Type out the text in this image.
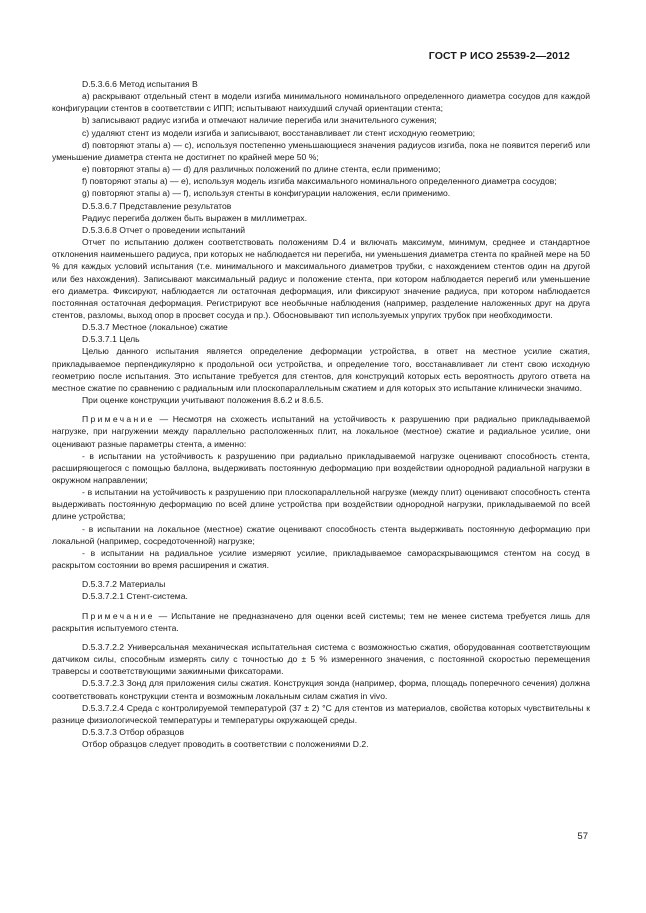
ГОСТ Р ИСО 25539-2—2012

D.5.3.6.6 Метод испытания В

а) раскрывают отдельный стент в модели изгиба минимального номинального определенного диаметра сосудов для каждой конфигурации стентов в соответствии с ИПП; испытывают наихудший случай ориентации стента;

b) записывают радиус изгиба и отмечают наличие перегиба или значительного сужения;

с) удаляют стент из модели изгиба и записывают, восстанавливает ли стент исходную геометрию;

d) повторяют этапы а) — с), используя постепенно уменьшающиеся значения радиусов изгиба, пока не появится перегиб или уменьшение диаметра стента не достигнет по крайней мере 50 %;

е) повторяют этапы а) — d) для различных положений по длине стента, если применимо;

f) повторяют этапы а) — е), используя модель изгиба максимального номинального определенного диаметра сосудов;

g) повторяют этапы а) — f), используя стенты в конфигурации наложения, если применимо.

D.5.3.6.7 Представление результатов

Радиус перегиба должен быть выражен в миллиметрах.

D.5.3.6.8 Отчет о проведении испытаний

Отчет по испытанию должен соответствовать положениям D.4 и включать максимум, минимум, среднее и стандартное отклонения наименьшего радиуса, при которых не наблюдается ни перегиба, ни уменьшения диаметра стента по крайней мере на 50 % для каждых условий испытания (т.е. минимального и максимального диаметров трубки, с нахождением стентов один на другой или без нахождения). Записывают максимальный радиус и положение стента, при котором наблюдается перегиб или уменьшение его диаметра. Фиксируют, наблюдается ли остаточная деформация, или фиксируют значение радиуса, при котором наблюдается постоянная остаточная деформация. Регистрируют все необычные наблюдения (например, разделение наложенных друг на друга стентов, разломы, выход опор в просвет сосуда и пр.). Обосновывают тип используемых упругих трубок при необходимости.

D.5.3.7 Местное (локальное) сжатие

D.5.3.7.1 Цель

Целью данного испытания является определение деформации устройства, в ответ на местное усилие сжатия, прикладываемое перпендикулярно к продольной оси устройства, и определение того, восстанавливает ли стент свою исходную геометрию после испытания. Это испытание требуется для стентов, для конструкций которых есть вероятность другого ответа на местное сжатие по сравнению с радиальным или плоскопараллельным сжатием и для которых это испытание клинически значимо.

При оценке конструкции учитывают положения 8.6.2 и 8.6.5.

Примечание — Несмотря на схожесть испытаний на устойчивость к разрушению при радиально прикладываемой нагрузке, при нагружении между параллельно расположенных плит, на локальное (местное) сжатие и радиальное усилие, они оценивают разные параметры стента, а именно:

- в испытании на устойчивость к разрушению при радиально прикладываемой нагрузке оценивают способность стента, расширяющегося с помощью баллона, выдерживать постоянную деформацию при воздействии однородной радиальной нагрузки в окружном направлении;

- в испытании на устойчивость к разрушению при плоскопараллельной нагрузке (между плит) оценивают способность стента выдерживать постоянную деформацию по всей длине устройства при воздействии однородной нагрузки, прикладываемой по всей длине устройства;

- в испытании на локальное (местное) сжатие оценивают способность стента выдерживать постоянную деформацию при локальной (например, сосредоточенной) нагрузке;

- в испытании на радиальное усилие измеряют усилие, прикладываемое самораскрывающимся стентом на сосуд в раскрытом состоянии во время расширения и сжатия.

D.5.3.7.2 Материалы

D.5.3.7.2.1 Стент-система.

Примечание — Испытание не предназначено для оценки всей системы; тем не менее система требуется лишь для раскрытия испытуемого стента.

D.5.3.7.2.2 Универсальная механическая испытательная система с возможностью сжатия, оборудованная соответствующим датчиком силы, способным измерять силу с точностью до ± 5 % измеренного значения, с постоянной скоростью перемещения траверсы и соответствующими зажимными фиксаторами.

D.5.3.7.2.3 Зонд для приложения силы сжатия. Конструкция зонда (например, форма, площадь поперечного сечения) должна соответствовать конструкции стента и возможным локальным силам сжатия in vivo.

D.5.3.7.2.4 Среда с контролируемой температурой (37 ± 2) °С для стентов из материалов, свойства которых чувствительны к разнице физиологической температуры и температуры окружающей среды.

D.5.3.7.3 Отбор образцов

Отбор образцов следует проводить в соответствии с положениями D.2.

57
